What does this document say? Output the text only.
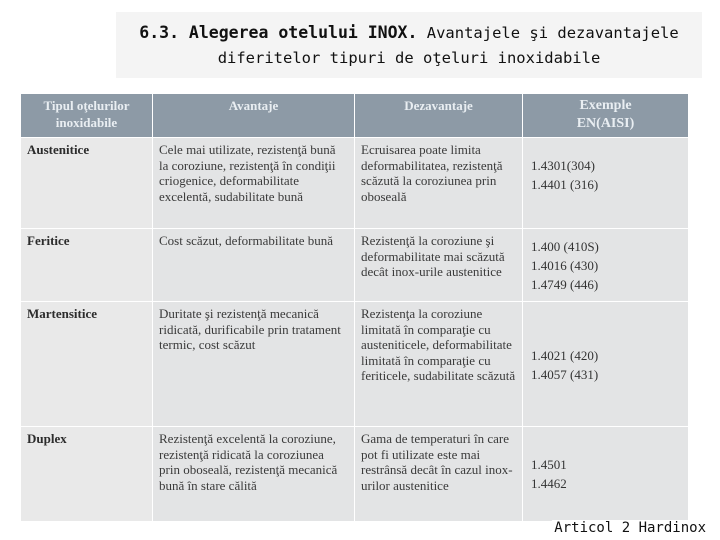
6.3. Alegerea otelului INOX. Avantajele şi dezavantajele
diferitelor tipuri de oţeluri inoxidabile
Tipul oţelurilor
inoxidabile	Avantaje	Dezavantaje	Exemple
EN(AISI)
Austenitice	Cele mai utilizate, rezistenţă bună la coroziune, rezistenţă în condiţii criogenice, deformabilitate excelentă, sudabilitate bună	Ecruisarea poate limita deformabilitatea, rezistenţă scăzută la coroziunea prin oboseală	1.4301(304)
1.4401 (316)

Feritice	Cost scăzut, deformabilitate bună	Rezistenţă la coroziune şi deformabilitate mai scăzută decât inox-urile austenitice	1.400 (410S)
1.4016 (430)
1.4749 (446)

Martensitice	Duritate şi rezistenţă mecanică ridicată, durificabile prin tratament termic, cost scăzut	Rezistenţa la coroziune limitată în comparaţie cu austeniticele, deformabilitate limitată în comparaţie cu feriticele, sudabilitate scăzută	1.4021 (420)
1.4057 (431)

Duplex	Rezistenţă excelentă la coroziune, rezistenţă ridicată la coroziunea prin oboseală, rezistenţă mecanică bună în stare călită	Gama de temperaturi în care pot fi utilizate este mai restrânsă decât în cazul inox-urilor austenitice	1.4501
1.4462
Articol 2 Hardinox
